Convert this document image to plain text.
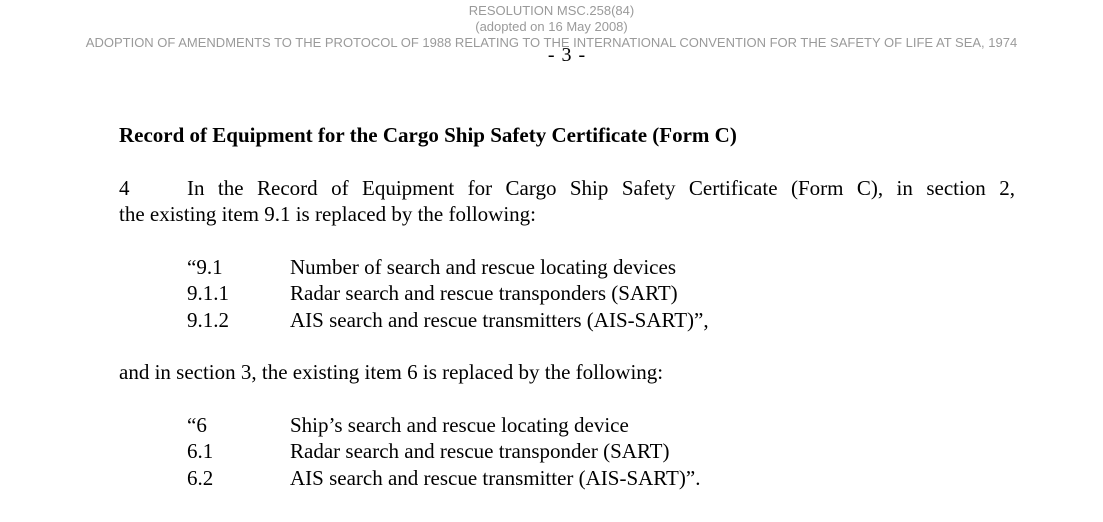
RESOLUTION MSC.258(84)
(adopted on 16 May 2008)
ADOPTION OF AMENDMENTS TO THE PROTOCOL OF 1988 RELATING TO THE INTERNATIONAL CONVENTION FOR THE SAFETY OF LIFE AT SEA, 1974
- 3 -
Record of Equipment for the Cargo Ship Safety Certificate (Form C)
4	In the Record of Equipment for Cargo Ship Safety Certificate (Form C), in section 2,
the existing item 9.1 is replaced by the following:
“9.1	Number of search and rescue locating devices
9.1.1	Radar search and rescue transponders (SART)
9.1.2	AIS search and rescue transmitters (AIS-SART)”,
and in section 3, the existing item 6 is replaced by the following:
“6	Ship’s search and rescue locating device
6.1	Radar search and rescue transponder (SART)
6.2	AIS search and rescue transmitter (AIS-SART)”.
